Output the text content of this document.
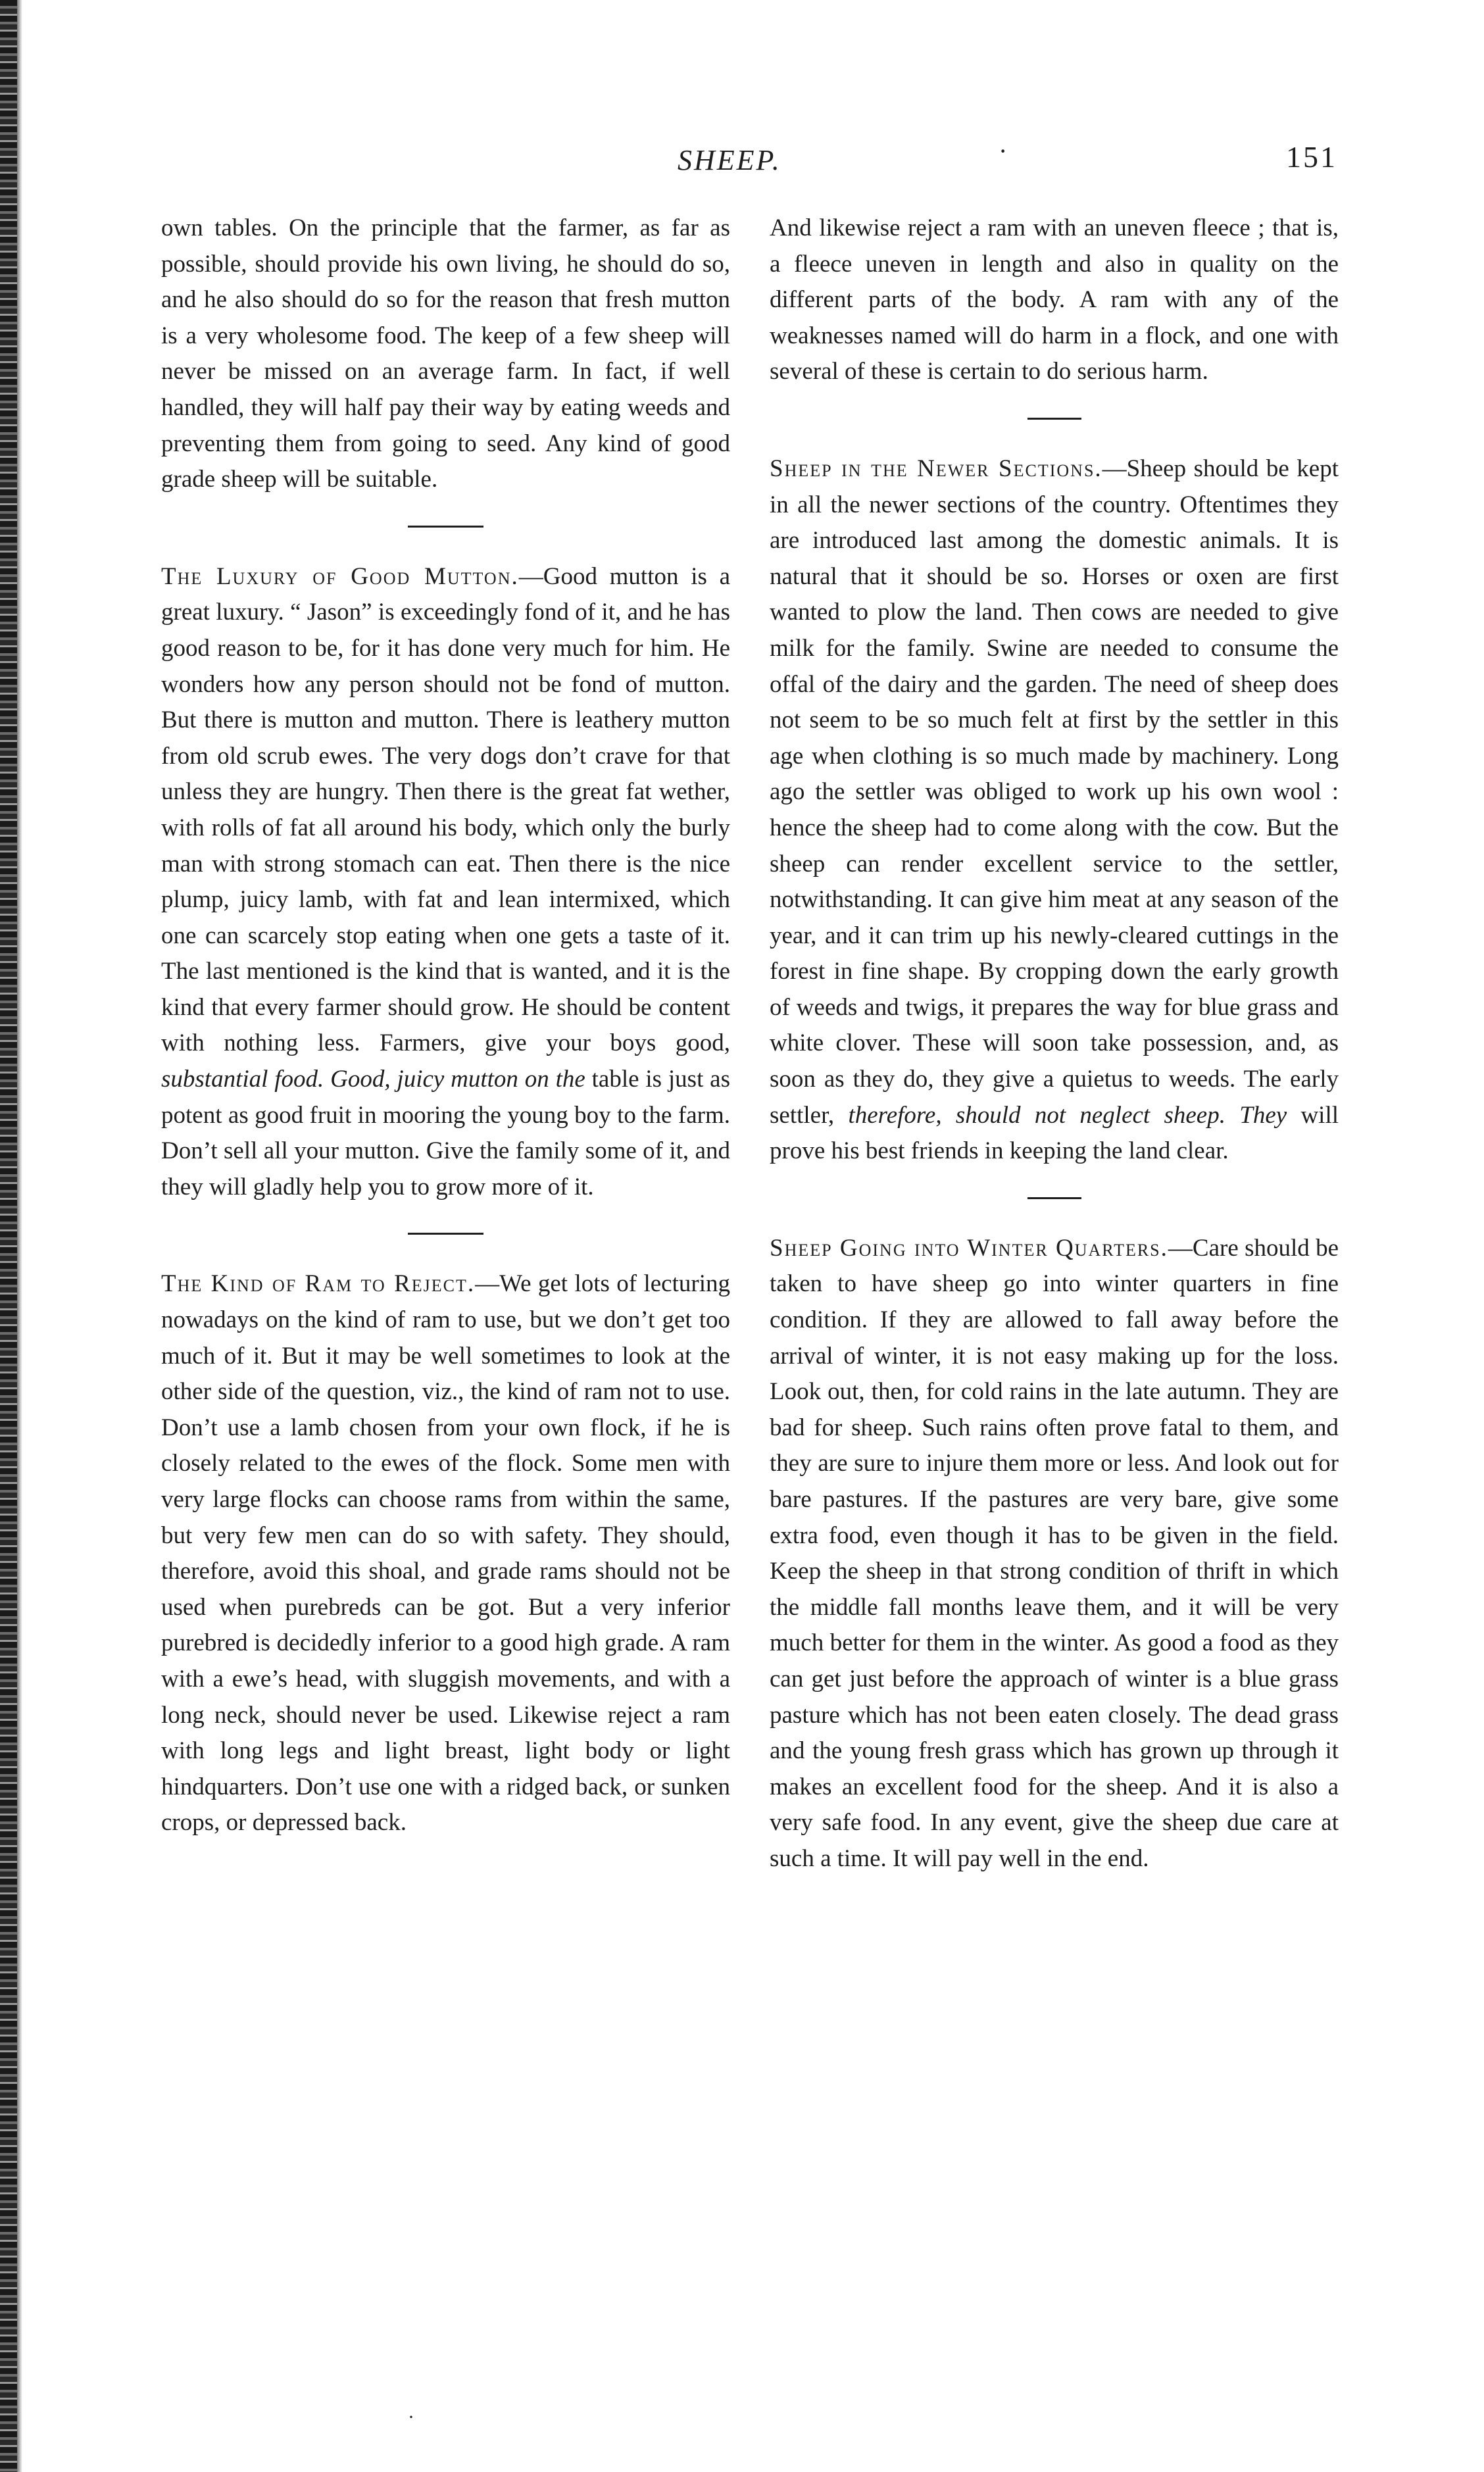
SHEEP.	·	151

own tables. On the principle that the farmer, as far as possible, should provide his own living, he should do so, and he also should do so for the reason that fresh mutton is a very wholesome food. The keep of a few sheep will never be missed on an average farm. In fact, if well handled, they will half pay their way by eating weeds and preventing them from going to seed. Any kind of good grade sheep will be suitable.

The Luxury of Good Mutton.—Good mutton is a great luxury. “ Jason” is exceedingly fond of it, and he has good reason to be, for it has done very much for him. He wonders how any person should not be fond of mutton. But there is mutton and mutton. There is leathery mutton from old scrub ewes. The very dogs don’t crave for that unless they are hungry. Then there is the great fat wether, with rolls of fat all around his body, which only the burly man with strong stomach can eat. Then there is the nice plump, juicy lamb, with fat and lean intermixed, which one can scarcely stop eating when one gets a taste of it. The last mentioned is the kind that is wanted, and it is the kind that every farmer should grow. He should be content with nothing less. Farmers, give your boys good, substantial food. Good, juicy mutton on the table is just as potent as good fruit in mooring the young boy to the farm. Don’t sell all your mutton. Give the family some of it, and they will gladly help you to grow more of it.

The Kind of Ram to Reject.—We get lots of lecturing nowadays on the kind of ram to use, but we don’t get too much of it. But it may be well sometimes to look at the other side of the question, viz., the kind of ram not to use. Don’t use a lamb chosen from your own flock, if he is closely related to the ewes of the flock. Some men with very large flocks can choose rams from within the same, but very few men can do so with safety. They should, therefore, avoid this shoal, and grade rams should not be used when purebreds can be got. But a very inferior purebred is decidedly inferior to a good high grade. A ram with a ewe’s head, with sluggish movements, and with a long neck, should never be used. Likewise reject a ram with long legs and light breast, light body or light hindquarters. Don’t use one with a ridged back, or sunken crops, or depressed back.

And likewise reject a ram with an uneven fleece ; that is, a fleece uneven in length and also in quality on the different parts of the body. A ram with any of the weaknesses named will do harm in a flock, and one with several of these is certain to do serious harm.

Sheep in the Newer Sections.—Sheep should be kept in all the newer sections of the country. Oftentimes they are introduced last among the domestic animals. It is natural that it should be so. Horses or oxen are first wanted to plow the land. Then cows are needed to give milk for the family. Swine are needed to consume the offal of the dairy and the garden. The need of sheep does not seem to be so much felt at first by the settler in this age when clothing is so much made by machinery. Long ago the settler was obliged to work up his own wool : hence the sheep had to come along with the cow. But the sheep can render excellent service to the settler, notwithstanding. It can give him meat at any season of the year, and it can trim up his newly-cleared cuttings in the forest in fine shape. By cropping down the early growth of weeds and twigs, it prepares the way for blue grass and white clover. These will soon take possession, and, as soon as they do, they give a quietus to weeds. The early settler, therefore, should not neglect sheep. They will prove his best friends in keeping the land clear.

Sheep Going into Winter Quarters.—Care should be taken to have sheep go into winter quarters in fine condition. If they are allowed to fall away before the arrival of winter, it is not easy making up for the loss. Look out, then, for cold rains in the late autumn. They are bad for sheep. Such rains often prove fatal to them, and they are sure to injure them more or less. And look out for bare pastures. If the pastures are very bare, give some extra food, even though it has to be given in the field. Keep the sheep in that strong condition of thrift in which the middle fall months leave them, and it will be very much better for them in the winter. As good a food as they can get just before the approach of winter is a blue grass pasture which has not been eaten closely. The dead grass and the young fresh grass which has grown up through it makes an excellent food for the sheep. And it is also a very safe food. In any event, give the sheep due care at such a time. It will pay well in the end.

·
